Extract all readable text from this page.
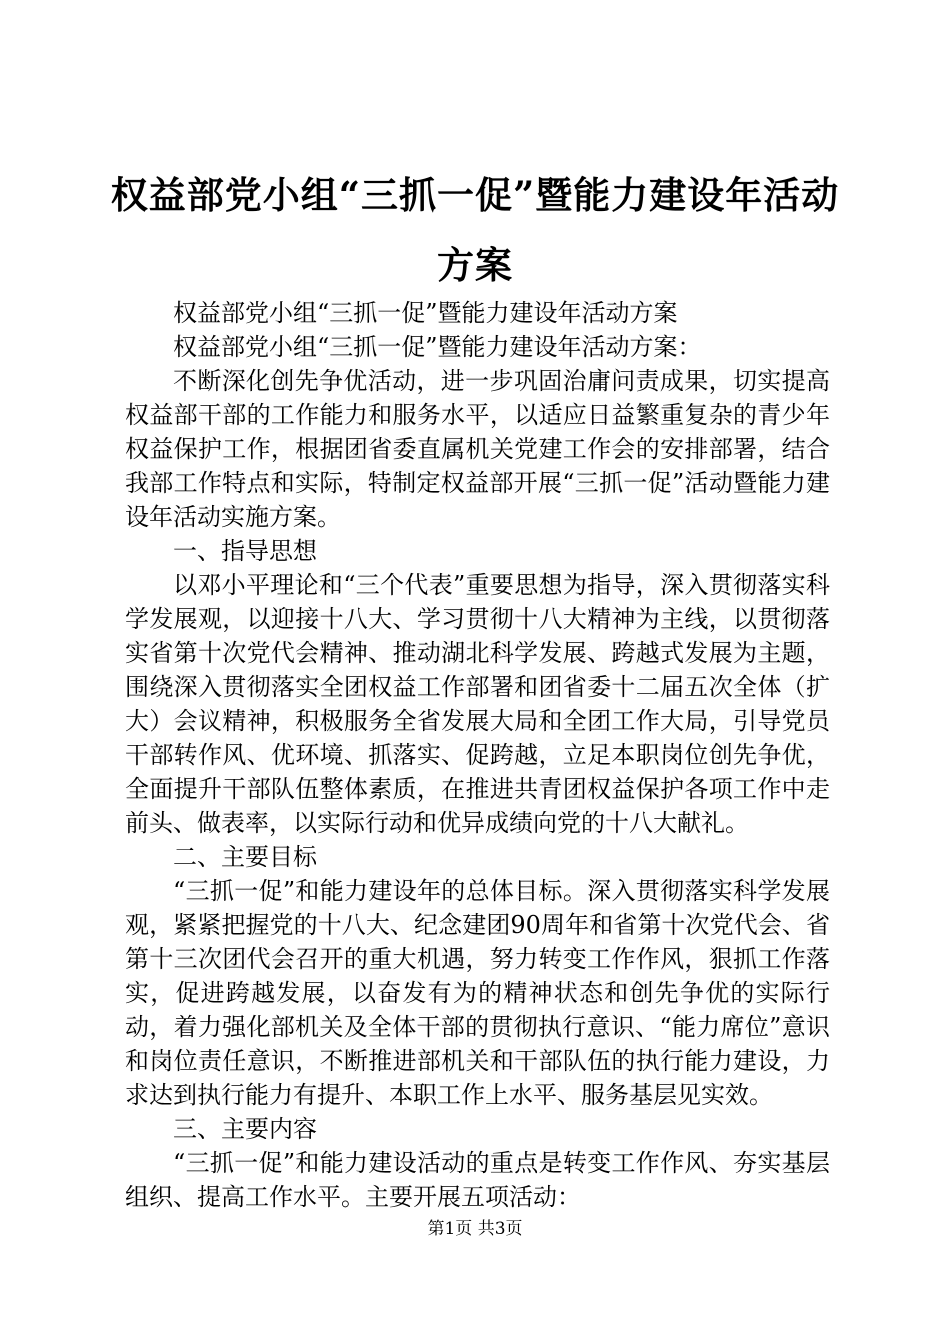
权益部党小组“三抓一促”暨能力建设年活动方案

权益部党小组“三抓一促”暨能力建设年活动方案

权益部党小组“三抓一促”暨能力建设年活动方案：

不断深化创先争优活动，进一步巩固治庸问责成果，切实提高权益部干部的工作能力和服务水平，以适应日益繁重复杂的青少年权益保护工作，根据团省委直属机关党建工作会的安排部署，结合我部工作特点和实际，特制定权益部开展“三抓一促”活动暨能力建设年活动实施方案。

一、指导思想

以邓小平理论和“三个代表”重要思想为指导，深入贯彻落实科学发展观，以迎接十八大、学习贯彻十八大精神为主线，以贯彻落实省第十次党代会精神、推动湖北科学发展、跨越式发展为主题，围绕深入贯彻落实全团权益工作部署和团省委十二届五次全体（扩大）会议精神，积极服务全省发展大局和全团工作大局，引导党员干部转作风、优环境、抓落实、促跨越，立足本职岗位创先争优，全面提升干部队伍整体素质，在推进共青团权益保护各项工作中走前头、做表率，以实际行动和优异成绩向党的十八大献礼。

二、主要目标

“三抓一促”和能力建设年的总体目标。深入贯彻落实科学发展观，紧紧把握党的十八大、纪念建团90周年和省第十次党代会、省第十三次团代会召开的重大机遇，努力转变工作作风，狠抓工作落实，促进跨越发展，以奋发有为的精神状态和创先争优的实际行动，着力强化部机关及全体干部的贯彻执行意识、“能力席位”意识和岗位责任意识，不断推进部机关和干部队伍的执行能力建设，力求达到执行能力有提升、本职工作上水平、服务基层见实效。

三、主要内容

“三抓一促”和能力建设活动的重点是转变工作作风、夯实基层组织、提高工作水平。主要开展五项活动：

第1页 共3页
